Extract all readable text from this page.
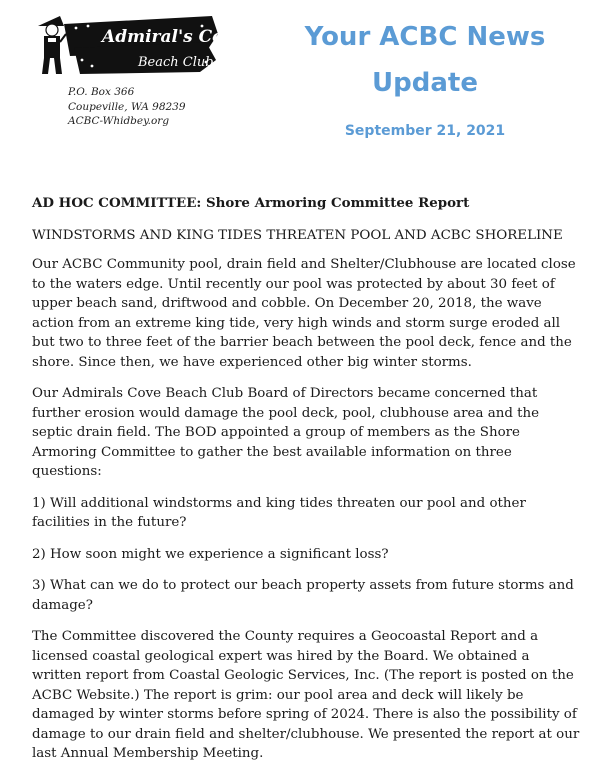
Admiral's Cove
Beach Club
P.O. Box 366
Coupeville, WA 98239
ACBC-Whidbey.org
Your ACBC News
Update
September 21, 2021

AD HOC COMMITTEE: Shore Armoring Committee Report

WINDSTORMS AND KING TIDES THREATEN POOL AND ACBC SHORELINE

Our ACBC Community pool, drain field and Shelter/Clubhouse are located close to the waters edge. Until recently our pool was protected by about 30 feet of upper beach sand, driftwood and cobble. On December 20, 2018, the wave action from an extreme king tide, very high winds and storm surge eroded all but two to three feet of the barrier beach between the pool deck, fence and the shore. Since then, we have experienced other big winter storms.

Our Admirals Cove Beach Club Board of Directors became concerned that further erosion would damage the pool deck, pool, clubhouse area and the septic drain field. The BOD appointed a group of members as the Shore Armoring Committee to gather the best available information on three questions:

1) Will additional windstorms and king tides threaten our pool and other facilities in the future?

2) How soon might we experience a significant loss?

3) What can we do to protect our beach property assets from future storms and damage?

The Committee discovered the County requires a Geocoastal Report and a licensed coastal geological expert was hired by the Board. We obtained a written report from Coastal Geologic Services, Inc. (The report is posted on the ACBC Website.) The report is grim: our pool area and deck will likely be damaged by winter storms before spring of 2024. There is also the possibility of damage to our drain field and shelter/clubhouse. We presented the report at our last Annual Membership Meeting.
